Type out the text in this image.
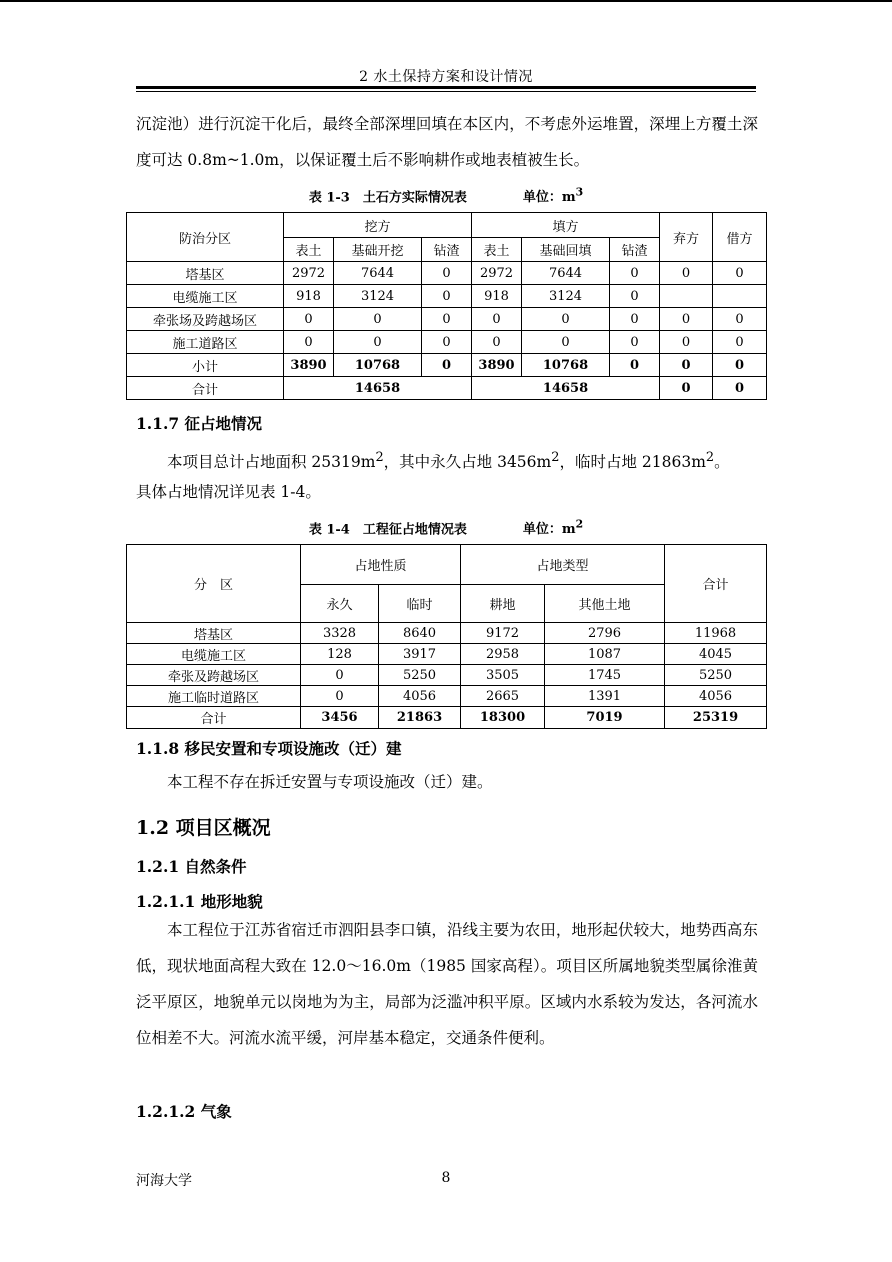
2 水土保持方案和设计情况

沉淀池）进行沉淀干化后，最终全部深埋回填在本区内，不考虑外运堆置，深埋上方覆土深度可达 0.8m~1.0m，以保证覆土后不影响耕作或地表植被生长。

表 1-3　土石方实际情况表	单位：$m^3$
防治分区	挖方			填方			弃方	借方
	表土	基础开挖	钻渣	表土	基础回填	钻渣		
塔基区	2972	7644	0	2972	7644	0	0	0
电缆施工区	918	3124	0	918	3124	0		
牵张场及跨越场区	0	0	0	0	0	0	0	0
施工道路区	0	0	0	0	0	0	0	0
小计	3890	10768	0	3890	10768	0	0	0
合计	14658			14658			0	0
1.1.7 征占地情况

本项目总计占地面积 $25319m^2$，其中永久占地 $3456m^2$，临时占地 $21863m^2$。

具体占地情况详见表 1-4。

表 1-4　工程征占地情况表	单位：$m^2$
分　区	占地性质		占地类型		合计
	永久	临时	耕地	其他土地	
塔基区	3328	8640	9172	2796	11968
电缆施工区	128	3917	2958	1087	4045
牵张及跨越场区	0	5250	3505	1745	5250
施工临时道路区	0	4056	2665	1391	4056
合计	3456	21863	18300	7019	25319
1.1.8 移民安置和专项设施改（迁）建

本工程不存在拆迁安置与专项设施改（迁）建。

1.2 项目区概况
1.2.1 自然条件
1.2.1.1 地形地貌

本工程位于江苏省宿迁市泗阳县李口镇，沿线主要为农田，地形起伏较大，地势西高东低，现状地面高程大致在 12.0～16.0m（1985 国家高程）。项目区所属地貌类型属徐淮黄泛平原区，地貌单元以岗地为为主，局部为泛滥冲积平原。区域内水系较为发达，各河流水位相差不大。河流水流平缓，河岸基本稳定，交通条件便利。

1.2.1.2 气象
河海大学	8
